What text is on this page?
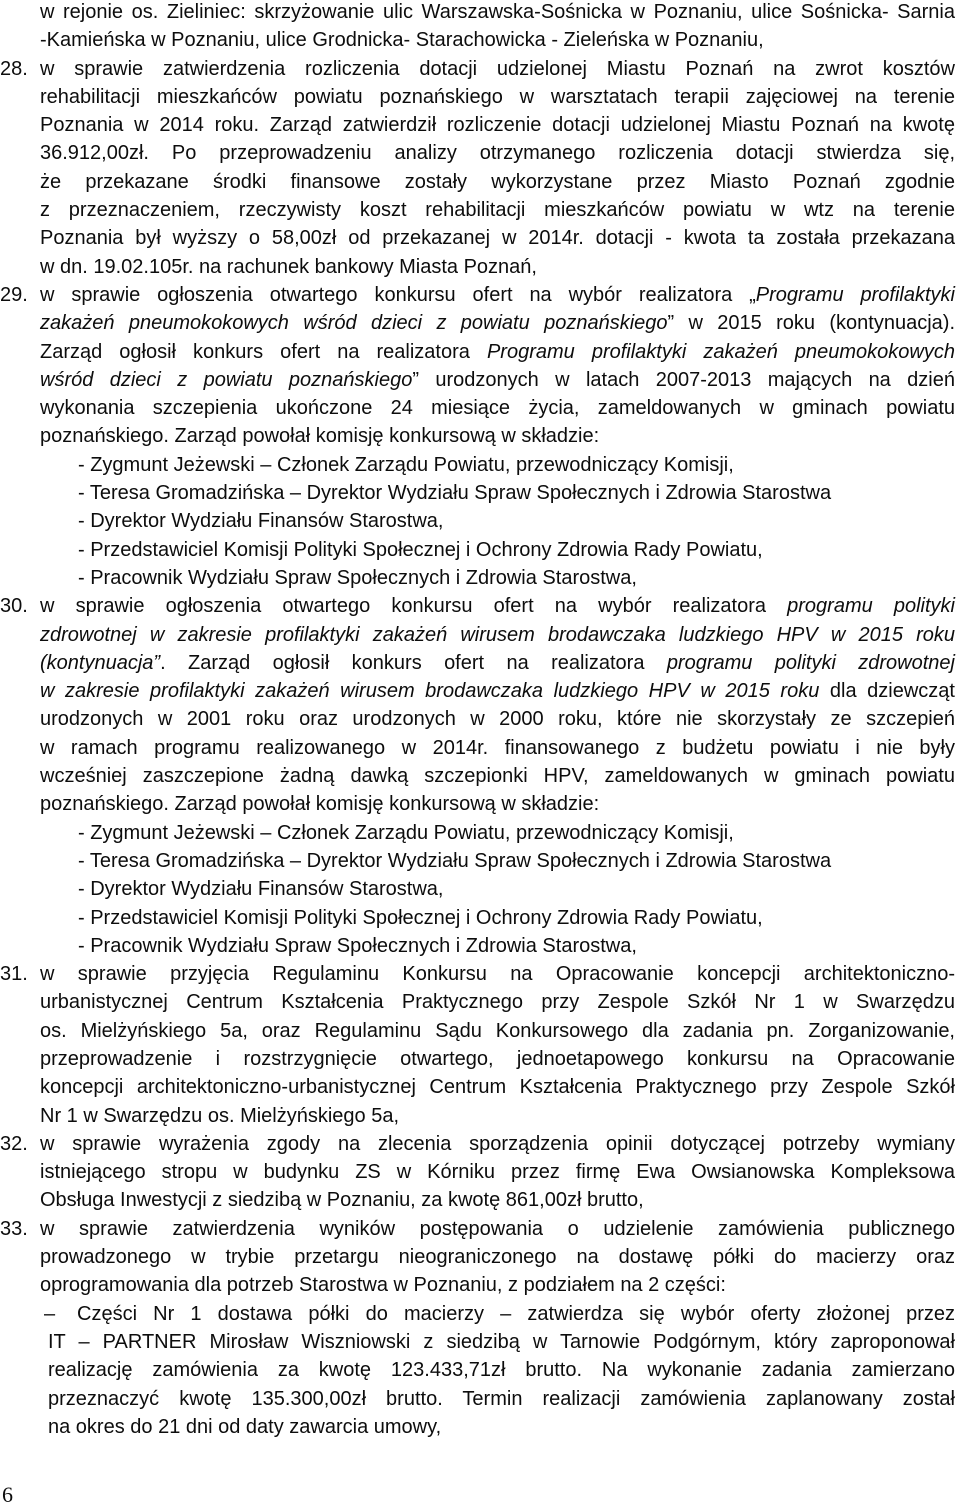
w rejonie os. Zieliniec: skrzyżowanie ulic Warszawska-Sośnicka w Poznaniu, ulice Sośnicka- Sarnia
-Kamieńska w Poznaniu, ulice Grodnicka- Starachowicka - Zieleńska w Poznaniu,
28. w sprawie zatwierdzenia rozliczenia dotacji udzielonej Miastu Poznań na zwrot kosztów
rehabilitacji mieszkańców powiatu poznańskiego w warsztatach terapii zajęciowej na terenie
Poznania w 2014 roku. Zarząd zatwierdził rozliczenie dotacji udzielonej Miastu Poznań na kwotę
36.912,00zł. Po przeprowadzeniu analizy otrzymanego rozliczenia dotacji stwierdza się,
że przekazane środki finansowe zostały wykorzystane przez Miasto Poznań zgodnie
z przeznaczeniem, rzeczywisty koszt rehabilitacji mieszkańców powiatu w wtz na terenie
Poznania był wyższy o 58,00zł od przekazanej w 2014r. dotacji - kwota ta została przekazana
w dn. 19.02.105r. na rachunek bankowy Miasta Poznań,
29. w sprawie ogłoszenia otwartego konkursu ofert na wybór realizatora „Programu profilaktyki
zakażeń pneumokokowych wśród dzieci z powiatu poznańskiego” w 2015 roku (kontynuacja).
Zarząd ogłosił konkurs ofert na realizatora Programu profilaktyki zakażeń pneumokokowych
wśród dzieci z powiatu poznańskiego” urodzonych w latach 2007-2013 mających na dzień
wykonania szczepienia ukończone 24 miesiące życia, zameldowanych w gminach powiatu
poznańskiego. Zarząd powołał komisję konkursową w składzie:
- Zygmunt Jeżewski – Członek Zarządu Powiatu, przewodniczący Komisji,
- Teresa Gromadzińska – Dyrektor Wydziału Spraw Społecznych i Zdrowia Starostwa
- Dyrektor Wydziału Finansów Starostwa,
- Przedstawiciel Komisji Polityki Społecznej i Ochrony Zdrowia Rady Powiatu,
- Pracownik Wydziału Spraw Społecznych i Zdrowia Starostwa,
30. w sprawie ogłoszenia otwartego konkursu ofert na wybór realizatora programu polityki
zdrowotnej w zakresie profilaktyki zakażeń wirusem brodawczaka ludzkiego HPV w 2015 roku
(kontynuacja”. Zarząd ogłosił konkurs ofert na realizatora programu polityki zdrowotnej
w zakresie profilaktyki zakażeń wirusem brodawczaka ludzkiego HPV w 2015 roku dla dziewcząt
urodzonych w 2001 roku oraz urodzonych w 2000 roku, które nie skorzystały ze szczepień
w ramach programu realizowanego w 2014r. finansowanego z budżetu powiatu i nie były
wcześniej zaszczepione żadną dawką szczepionki HPV, zameldowanych w gminach powiatu
poznańskiego. Zarząd powołał komisję konkursową w składzie:
- Zygmunt Jeżewski – Członek Zarządu Powiatu, przewodniczący Komisji,
- Teresa Gromadzińska – Dyrektor Wydziału Spraw Społecznych i Zdrowia Starostwa
- Dyrektor Wydziału Finansów Starostwa,
- Przedstawiciel Komisji Polityki Społecznej i Ochrony Zdrowia Rady Powiatu,
- Pracownik Wydziału Spraw Społecznych i Zdrowia Starostwa,
31. w sprawie przyjęcia Regulaminu Konkursu na Opracowanie koncepcji architektoniczno-
urbanistycznej Centrum Kształcenia Praktycznego przy Zespole Szkół Nr 1 w Swarzędzu
os. Mielżyńskiego 5a, oraz Regulaminu Sądu Konkursowego dla zadania pn. Zorganizowanie,
przeprowadzenie i rozstrzygnięcie otwartego, jednoetapowego konkursu na Opracowanie
koncepcji architektoniczno-urbanistycznej Centrum Kształcenia Praktycznego przy Zespole Szkół
Nr 1 w Swarzędzu os. Mielżyńskiego 5a,
32. w sprawie wyrażenia zgody na zlecenia sporządzenia opinii dotyczącej potrzeby wymiany
istniejącego stropu w budynku ZS w Kórniku przez firmę Ewa Owsianowska Kompleksowa
Obsługa Inwestycji z siedzibą w Poznaniu, za kwotę 861,00zł brutto,
33. w sprawie zatwierdzenia wyników postępowania o udzielenie zamówienia publicznego
prowadzonego w trybie przetargu nieograniczonego na dostawę półki do macierzy oraz
oprogramowania dla potrzeb Starostwa w Poznaniu, z podziałem na 2 części:
– Części Nr 1 dostawa półki do macierzy – zatwierdza się wybór oferty złożonej przez
IT – PARTNER Mirosław Wiszniowski z siedzibą w Tarnowie Podgórnym, który zaproponował
realizację zamówienia za kwotę 123.433,71zł brutto. Na wykonanie zadania zamierzano
przeznaczyć kwotę 135.300,00zł brutto. Termin realizacji zamówienia zaplanowany został
na okres do 21 dni od daty zawarcia umowy,
6
